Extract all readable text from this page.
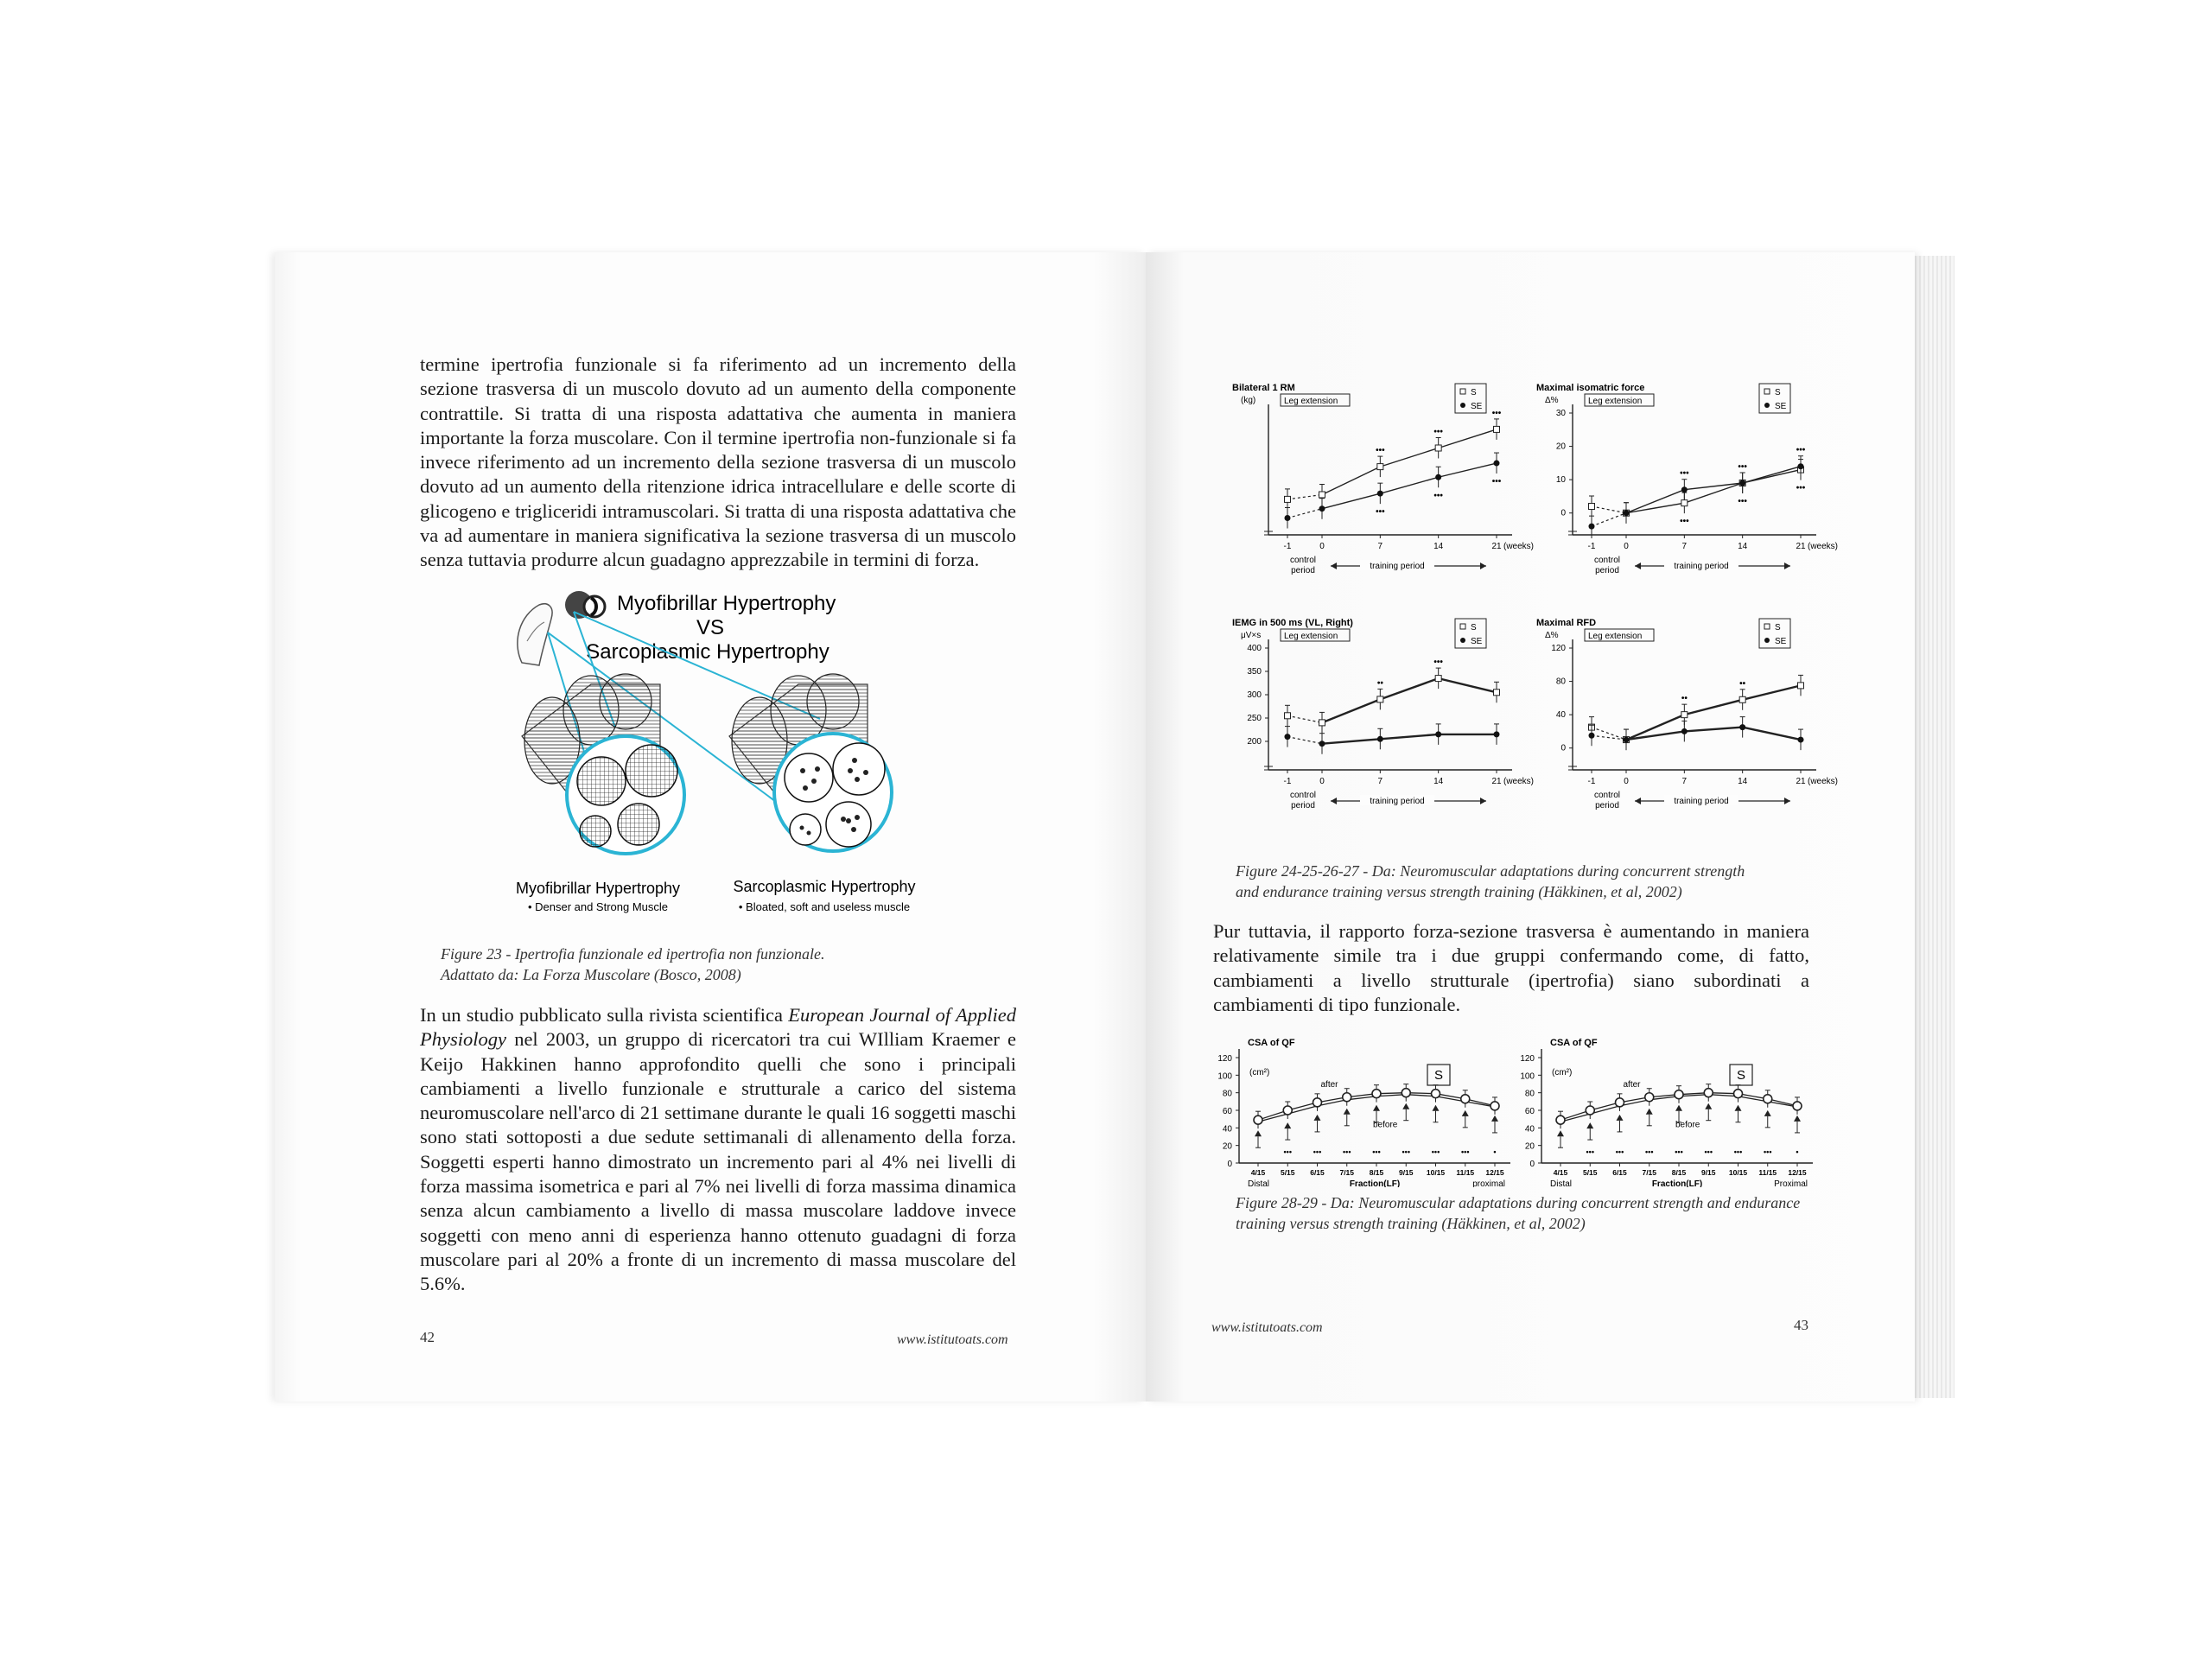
termine ipertrofia funzionale si fa riferimento ad un incremento della sezione trasversa di un muscolo dovuto ad un aumento della componente contrattile. Si tratta di una risposta adattativa che aumenta in maniera importante la forza muscolare. Con il termine ipertrofia non-funzionale si fa invece riferimento ad un incremento della sezione trasversa di un muscolo dovuto ad un aumento della ritenzione idrica intracellulare e delle scorte di glicogeno e trigliceridi intramuscolari. Si tratta di una risposta adattativa che va ad aumentare in maniera significativa la sezione trasversa di un muscolo senza tuttavia produrre alcun guadagno apprezzabile in termini di forza.

Myofibrillar Hypertrophy
VS
Sarcoplasmic Hypertrophy
Myofibrillar Hypertrophy
• Denser and Strong Muscle
Sarcoplasmic Hypertrophy
• Bloated, soft and useless muscle

Figure 23 - Ipertrofia funzionale ed ipertrofia non funzionale.

Adattato da: La Forza Muscolare (Bosco, 2008)

In un studio pubblicato sulla rivista scientifica European Journal of Applied Physiology nel 2003, un gruppo di ricercatori tra cui WIlliam Kraemer e Keijo Hakkinen hanno approfondito quelli che sono i principali cambiamenti a livello funzionale e strutturale a carico del sistema neuromuscolare nell'arco di 21 settimane durante le quali 16 soggetti maschi sono stati sottoposti a due sedute settimanali di allenamento della forza. Soggetti esperti hanno dimostrato un incremento pari al 4% nei livelli di forza massima isometrica e pari al 7% nei livelli di forza massima dinamica senza alcun cambiamento a livello di massa muscolare laddove invece soggetti con meno anni di esperienza hanno ottenuto guadagni di forza muscolare pari al 20% a fronte di un incremento di massa muscolare del 5.6%.

42	www.istitutoats.com
Bilateral 1 RM
(kg)	Leg extension
S
SE
-1	0	7	14	21 (weeks)
control
period	training period
•••
•••
•••
•••
•••
•••
Maximal isomatric force
Δ%	Leg extension
S
SE
0
10
20
30
-1	0	7	14	21 (weeks)
control
period	training period
•••
•••
•••
•••
•••
•••
IEMG in 500 ms (VL, Right)
μV×s	Leg extension
S
SE
200
250
300
350
400
-1	0	7	14	21 (weeks)
control
period	training period
••
•••
Maximal RFD
Δ%	Leg extension
S
SE
0
40
80
120
-1	0	7	14	21 (weeks)
control
period	training period
••
••

Figure 24-25-26-27 - Da: Neuromuscular adaptations during concurrent strength

and endurance training versus strength training (Häkkinen, et al, 2002)

Pur tuttavia, il rapporto forza-sezione trasversa è aumentando in maniera relativamente simile tra i due gruppi confermando come, di fatto, cambiamenti a livello strutturale (ipertrofia) siano subordinati a cambiamenti di tipo funzionale.

CSA of QF
(cm²)	S
0
20
40
60
80
100
120
4/15 5/15
•••
6/15
•••
7/15
•••
8/15
•••
9/15
•••
10/15
•••
11/15
•••
12/15
•
Distal	Fraction(LF)	proximal
after
before
CSA of QF
(cm²)	S
0
20
40
60
80
100
120
4/15 5/15
•••
6/15
•••
7/15
•••
8/15
•••
9/15
•••
10/15
•••
11/15
•••
12/15
•
Distal	Fraction(LF)	Proximal
after
before

Figure 28-29 - Da: Neuromuscular adaptations during concurrent strength and endurance

training versus strength training (Häkkinen, et al, 2002)

www.istitutoats.com	43
